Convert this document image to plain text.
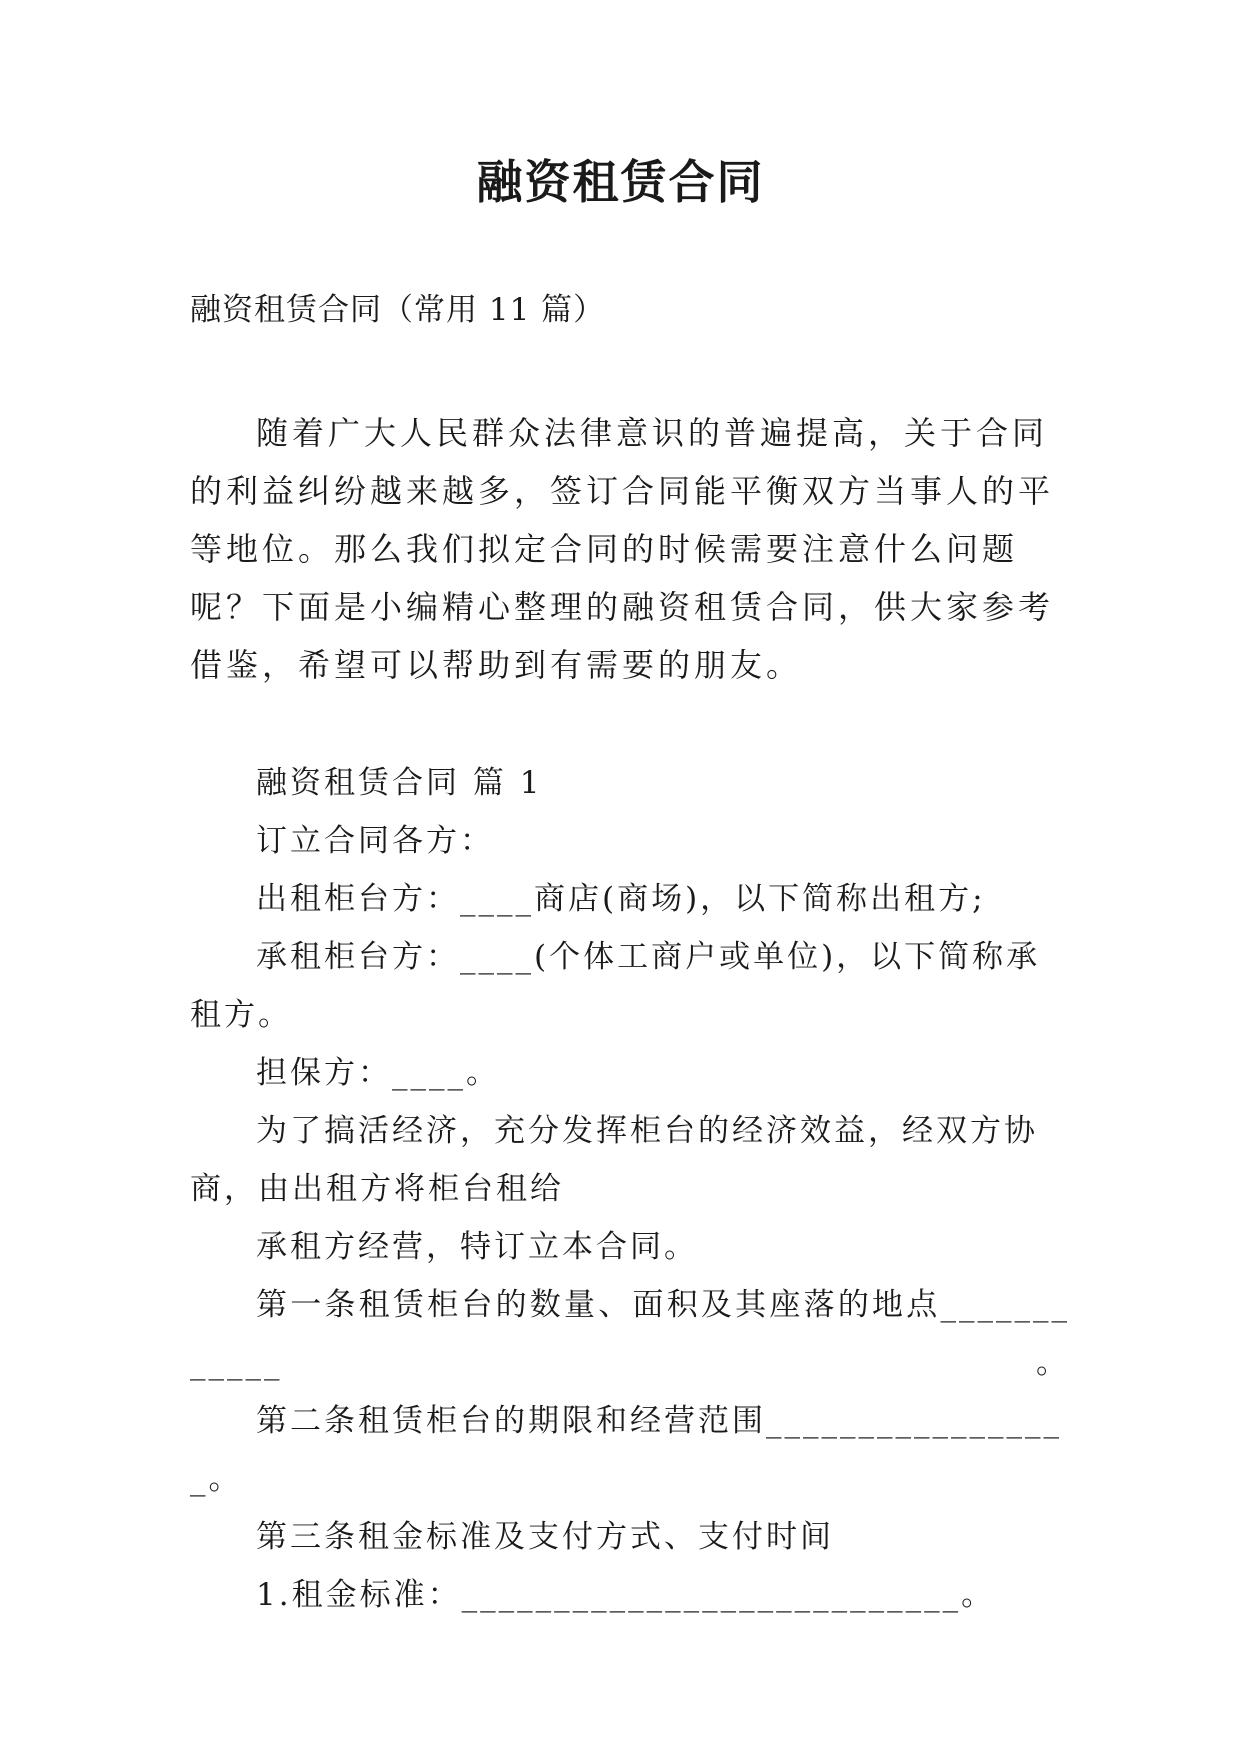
融资租赁合同

融资租赁合同（常用 11 篇）

随着广大人民群众法律意识的普遍提高，关于合同的利益纠纷越来越多，签订合同能平衡双方当事人的平等地位。那么我们拟定合同的时候需要注意什么问题呢？下面是小编精心整理的融资租赁合同，供大家参考借鉴，希望可以帮助到有需要的朋友。

融资租赁合同 篇 1

订立合同各方：

出租柜台方：____商店(商场)，以下简称出租方;

承租柜台方：____(个体工商户或单位)，以下简称承租方。

担保方：____。

为了搞活经济，充分发挥柜台的经济效益，经双方协商，由出租方将柜台租给

承租方经营，特订立本合同。

第一条租赁柜台的数量、面积及其座落的地点____________。

第二条租赁柜台的期限和经营范围_________________。

第三条租金标准及支付方式、支付时间

1.租金标准：___________________________。
